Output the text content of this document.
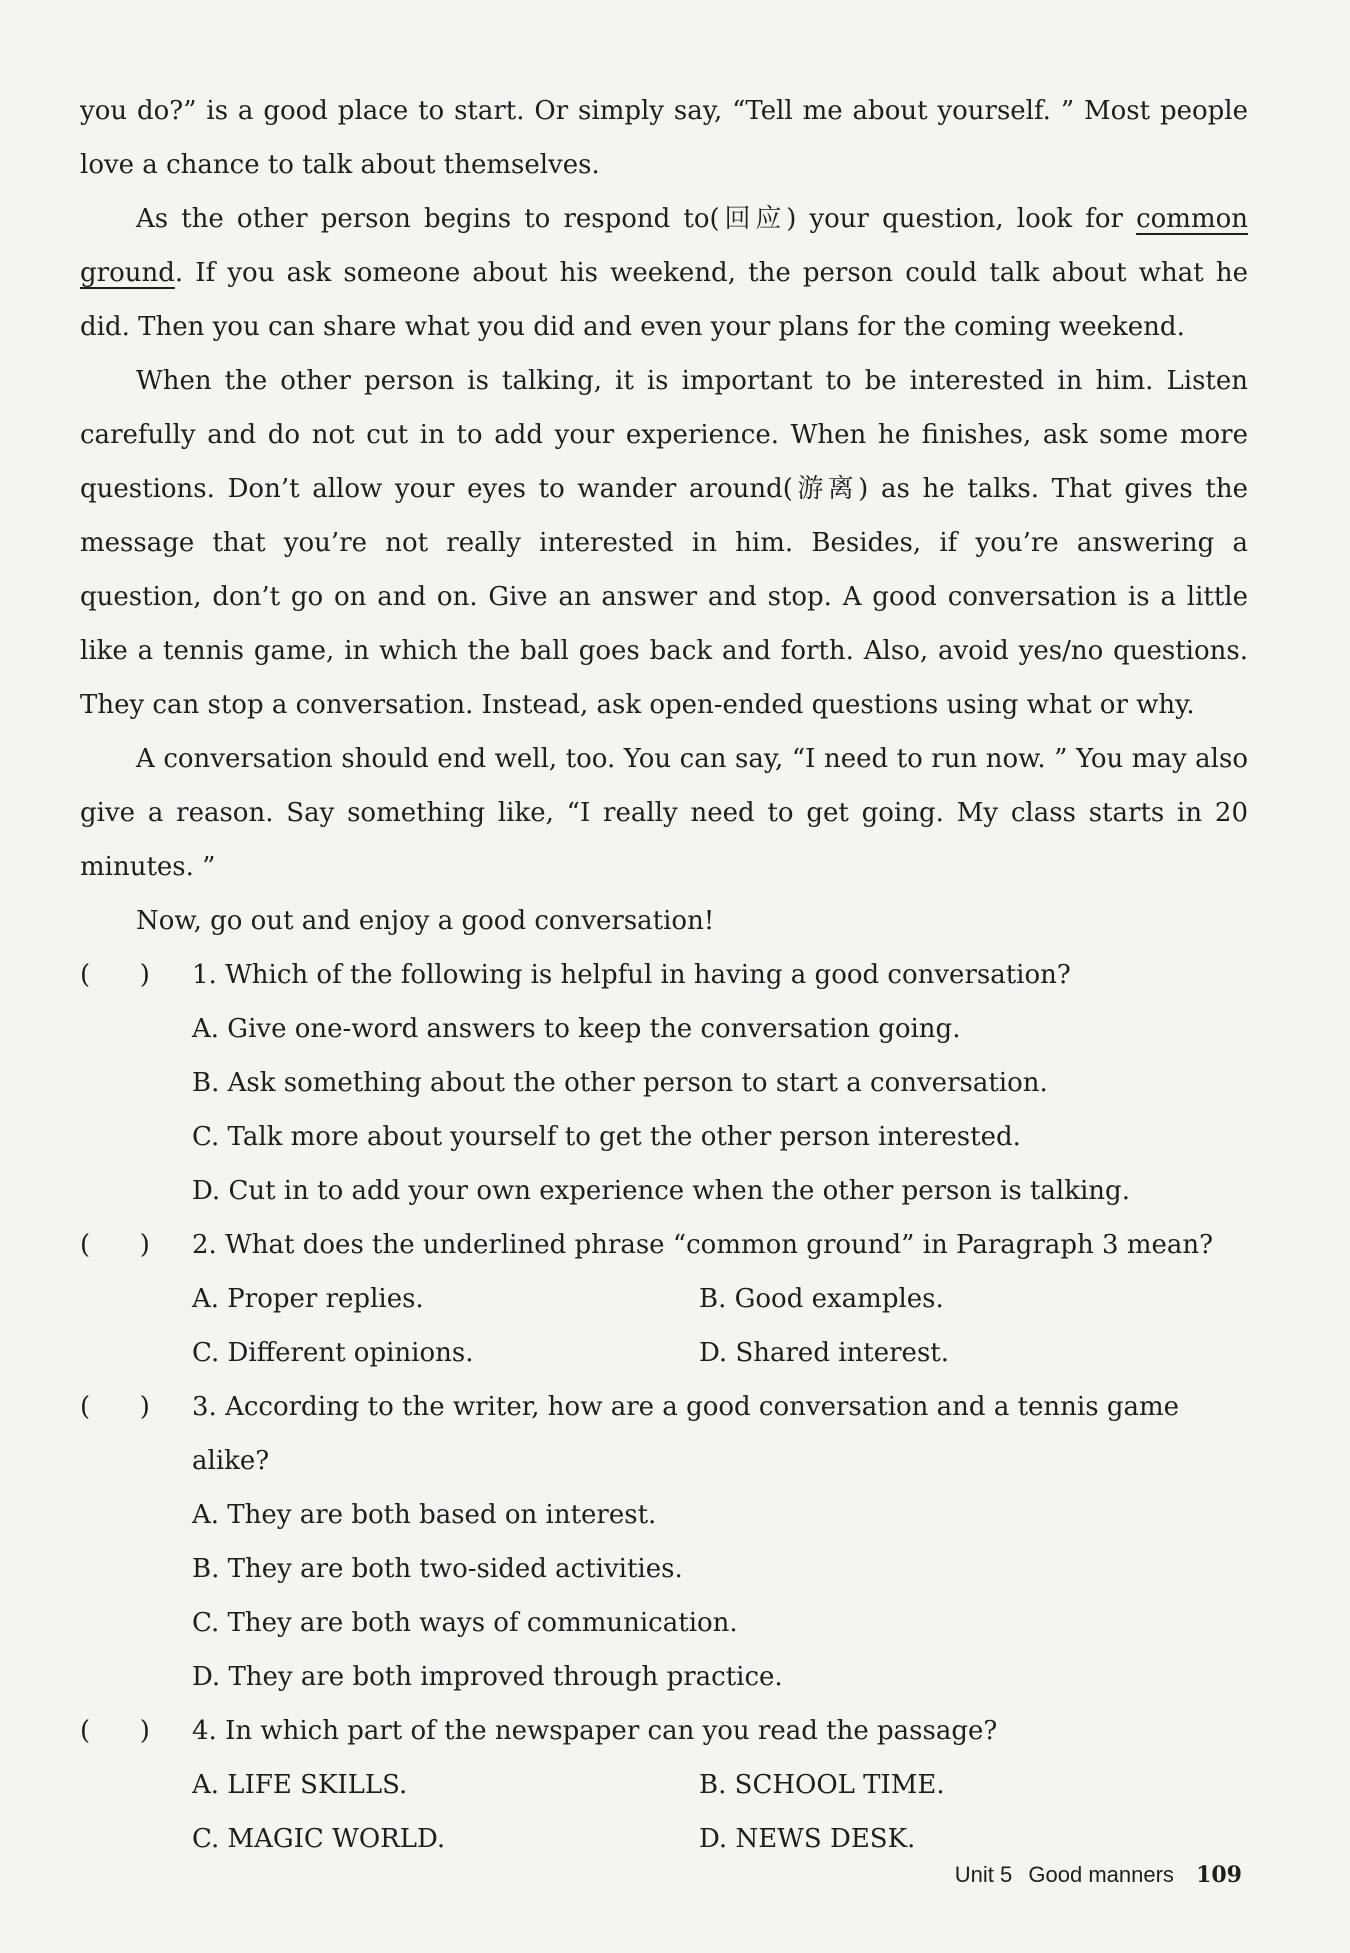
you do?” is a good place to start. Or simply say, “Tell me about yourself. ” Most people love a chance to talk about themselves.

As the other person begins to respond to(回应) your question, look for common ground. If you ask someone about his weekend, the person could talk about what he did. Then you can share what you did and even your plans for the coming weekend.

When the other person is talking, it is important to be interested in him. Listen carefully and do not cut in to add your experience. When he finishes, ask some more questions. Don’t allow your eyes to wander around(游离) as he talks. That gives the message that you’re not really interested in him. Besides, if you’re answering a question, don’t go on and on. Give an answer and stop. A good conversation is a little like a tennis game, in which the ball goes back and forth. Also, avoid yes/no questions. They can stop a conversation. Instead, ask open-ended questions using what or why.

A conversation should end well, too. You can say, “I need to run now. ” You may also give a reason. Say something like, “I really need to get going. My class starts in 20 minutes. ”

Now, go out and enjoy a good conversation!

(      )	1. Which of the following is helpful in having a good conversation?

A. Give one-word answers to keep the conversation going.

B. Ask something about the other person to start a conversation.

C. Talk more about yourself to get the other person interested.

D. Cut in to add your own experience when the other person is talking.

(      )	2. What does the underlined phrase “common ground” in Paragraph 3 mean?
A. Proper replies.	B. Good examples.
C. Different opinions.	D. Shared interest.
(      )	3. According to the writer, how are a good conversation and a tennis game alike?

A. They are both based on interest.

B. They are both two-sided activities.

C. They are both ways of communication.

D. They are both improved through practice.

(      )	4. In which part of the newspaper can you read the passage?
A. LIFE SKILLS.	B. SCHOOL TIME.
C. MAGIC WORLD.	D. NEWS DESK.
Unit 5 Good manners 109
